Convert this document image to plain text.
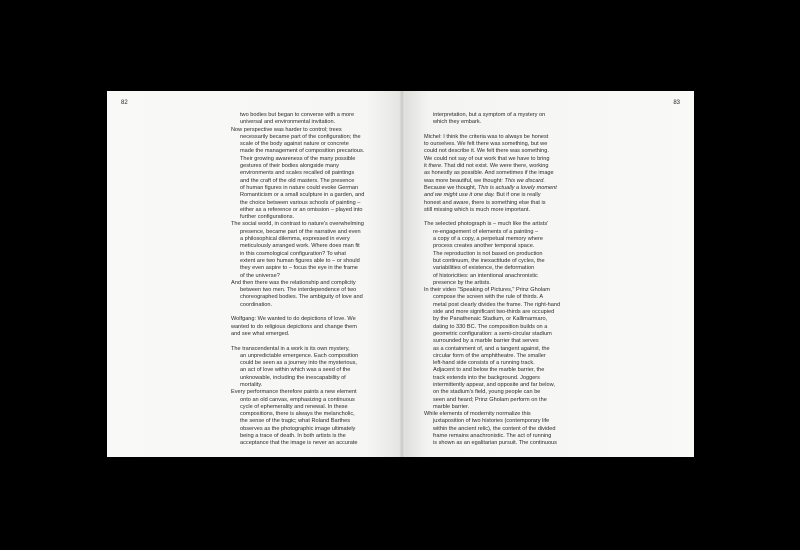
82
two bodies but began to converse with a more
universal and environmental invitation.
Now perspective was harder to control; trees
necessarily became part of the configuration; the
scale of the body against nature or concrete
made the management of composition precarious.
Their growing awareness of the many possible
gestures of their bodies alongside many
environments and scales recalled oil paintings
and the craft of the old masters. The presence
of human figures in nature could evoke German
Romanticism or a small sculpture in a garden, and
the choice between various schools of painting –
either as a reference or an omission – played into
further configurations.
The social world, in contrast to nature's overwhelming
presence, became part of the narrative and even
a philosophical dilemma, expressed in every
meticulously arranged work. Where does man fit
in this cosmological configuration? To what
extent are two human figures able to – or should
they even aspire to – focus the eye in the frame
of the universe?
And then there was the relationship and complicity
between two men. The interdependence of two
choreographed bodies. The ambiguity of love and
coordination.
Wolfgang: We wanted to do depictions of love. We
wanted to do religious depictions and change them
and see what emerged.
The transcendental in a work is its own mystery,
an unpredictable emergence. Each composition
could be seen as a journey into the mysterious,
an act of love within which was a seed of the
unknowable, including the inescapability of
mortality.
Every performance therefore paints a new element
onto an old canvas, emphasizing a continuous
cycle of ephemerality and renewal. In these
compositions, there is always the melancholic,
the sense of the tragic; what Roland Barthes
observes as the photographic image ultimately
being a trace of death. In both artists is the
acceptance that the image is never an accurate
83
interpretation, but a symptom of a mystery on
which they embark.
Michel: I think the criteria was to always be honest
to ourselves. We felt there was something, but we
could not describe it. We felt there was something.
We could not say of our work that we have to bring
it there. That did not exist. We were there, working
as honestly as possible. And sometimes if the image
was more beautiful, we thought: This we discard.
Because we thought, This is actually a lovely moment
and we might use it one day. But if one is really
honest and aware, there is something else that is
still missing which is much more important.
The selected photograph is – much like the artists'
re-engagement of elements of a painting –
a copy of a copy, a perpetual memory where
process creates another temporal space.
The reproduction is not based on production
but continuum, the inexactitude of cycles, the
variabilities of existence, the deformation
of historicities: an intentional anachronistic
presence by the artists.
In their video "Speaking of Pictures," Prinz Gholam
compose the screen with the rule of thirds. A
metal post clearly divides the frame. The right-hand
side and more significant two-thirds are occupied
by the Panathenaic Stadium, or Kallimarmaro,
dating to 330 BC. The composition builds on a
geometric configuration: a semi-circular stadium
surrounded by a marble barrier that serves
as a containment of, and a tangent against, the
circular form of the amphitheatre. The smaller
left-hand side consists of a running track.
Adjacent to and below the marble barrier, the
track extends into the background. Joggers
intermittently appear, and opposite and far below,
on the stadium's field, young people can be
seen and heard; Prinz Gholam perform on the
marble barrier.
While elements of modernity normalize this
juxtaposition of two histories (contemporary life
within the ancient relic), the content of the divided
frame remains anachronistic. The act of running
is shown as an egalitarian pursuit. The continuous
